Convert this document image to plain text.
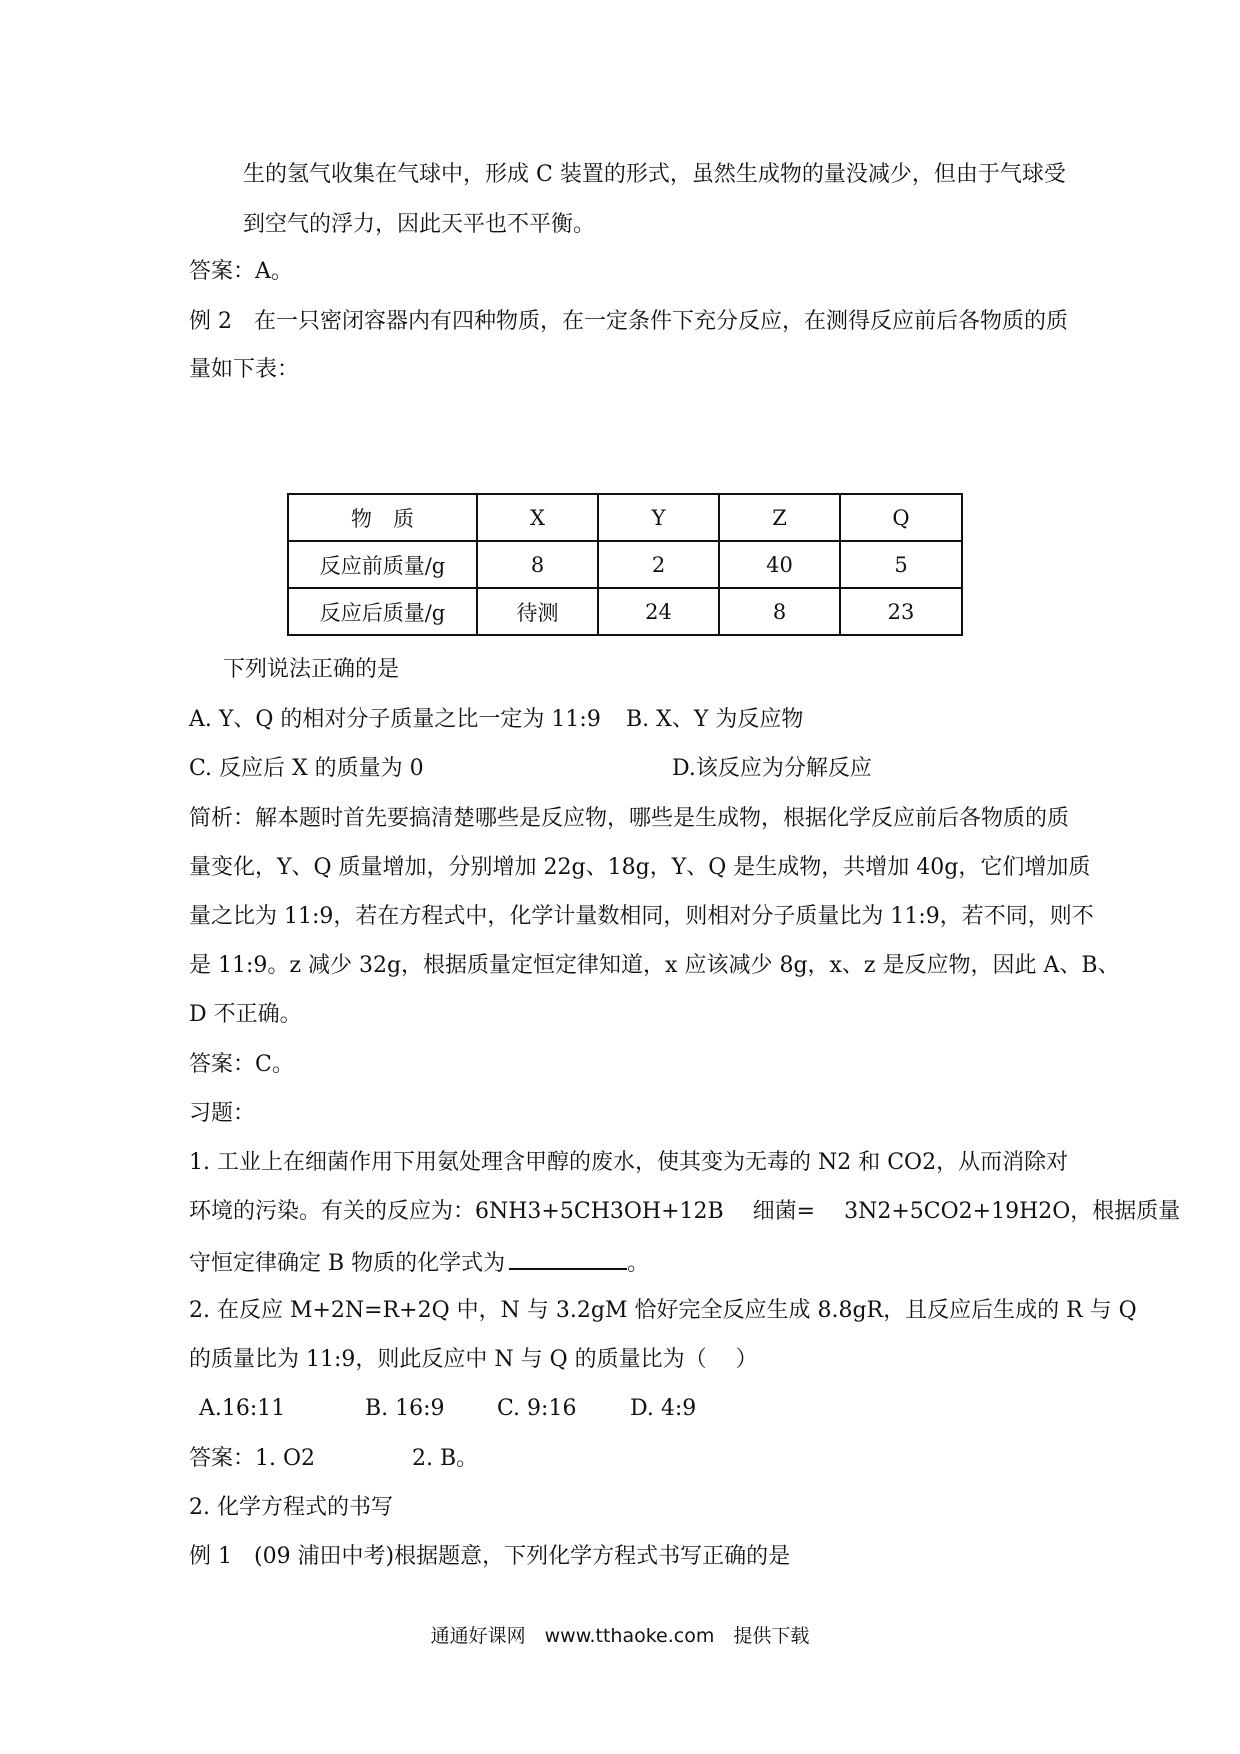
生的氢气收集在气球中，形成 C 装置的形式，虽然生成物的量没减少，但由于气球受
到空气的浮力，因此天平也不平衡。
答案：A。
例 2　在一只密闭容器内有四种物质，在一定条件下充分反应，在测得反应前后各物质的质
量如下表：
物　质	X	Y	Z	Q
反应前质量/g	8	2	40	5
反应后质量/g	待测	24	8	23
下列说法正确的是
A. Y、Q 的相对分子质量之比一定为 11:9 B. X、Y 为反应物
C. 反应后 X 的质量为 0	D.该反应为分解反应
简析：解本题时首先要搞清楚哪些是反应物，哪些是生成物，根据化学反应前后各物质的质
量变化，Y、Q 质量增加，分别增加 22g、18g，Y、Q 是生成物，共增加 40g，它们增加质
量之比为 11:9，若在方程式中，化学计量数相同，则相对分子质量比为 11:9，若不同，则不
是 11:9。z 减少 32g，根据质量定恒定律知道，x 应该减少 8g，x、z 是反应物，因此 A、B、
D 不正确。
答案：C。
习题：
1. 工业上在细菌作用下用氨处理含甲醇的废水，使其变为无毒的 N2 和 CO2，从而消除对
环境的污染。有关的反应为：6NH3+5CH3OH+12B　 细菌=　 3N2+5CO2+19H2O，根据质量
守恒定律确定 B 物质的化学式为	。
2. 在反应 M+2N=R+2Q 中，N 与 3.2gM 恰好完全反应生成 8.8gR，且反应后生成的 R 与 Q
的质量比为 11:9，则此反应中 N 与 Q 的质量比为（　 ）
A.16:11	B. 16:9 C. 9:16 D. 4:9
答案：1. O2	2. B。
2. 化学方程式的书写
例 1　(09 浦田中考)根据题意，下列化学方程式书写正确的是
通通好课网　www.tthaoke.com　提供下载
